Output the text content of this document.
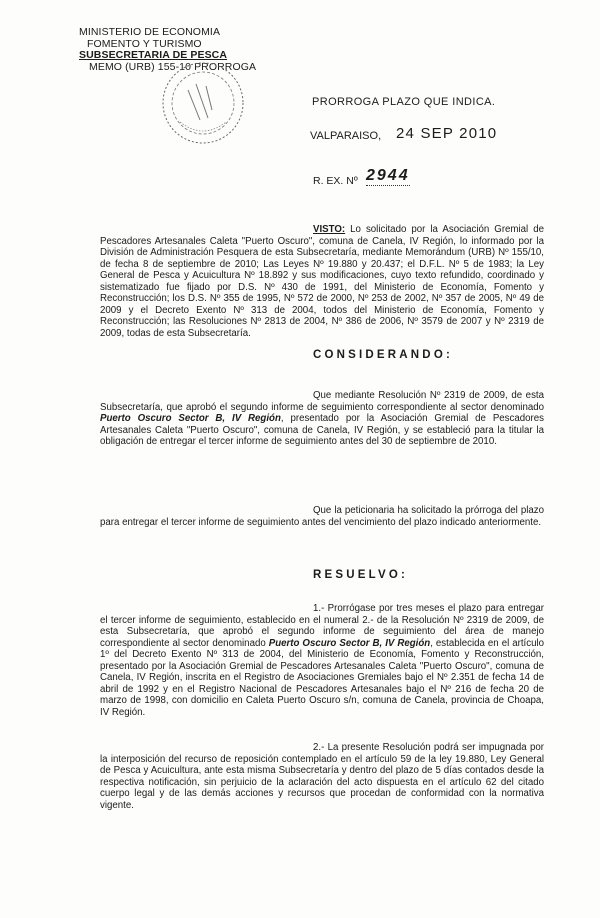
MINISTERIO DE ECONOMIA
FOMENTO Y TURISMO
SUBSECRETARIA DE PESCA
MEMO (URB) 155-10 PRORROGA
PRORROGA PLAZO QUE INDICA.
VALPARAISO, 24 SEP 2010
R. EX. Nº 2944

VISTO: Lo solicitado por la Asociación Gremial de Pescadores Artesanales Caleta "Puerto Oscuro", comuna de Canela, IV Región, lo informado por la División de Administración Pesquera de esta Subsecretaría, mediante Memorándum (URB) Nº 155/10, de fecha 8 de septiembre de 2010; Las Leyes Nº 19.880 y 20.437; el D.F.L. Nº 5 de 1983; la Ley General de Pesca y Acuicultura Nº 18.892 y sus modificaciones, cuyo texto refundido, coordinado y sistematizado fue fijado por D.S. Nº 430 de 1991, del Ministerio de Economía, Fomento y Reconstrucción; los D.S. Nº 355 de 1995, Nº 572 de 2000, Nº 253 de 2002, Nº 357 de 2005, Nº 49 de 2009 y el Decreto Exento Nº 313 de 2004, todos del Ministerio de Economía, Fomento y Reconstrucción; las Resoluciones Nº 2813 de 2004, Nº 386 de 2006, Nº 3579 de 2007 y Nº 2319 de 2009, todas de esta Subsecretaría.

CONSIDERANDO:

Que mediante Resolución Nº 2319 de 2009, de esta Subsecretaría, que aprobó el segundo informe de seguimiento correspondiente al sector denominado Puerto Oscuro Sector B, IV Región, presentado por la Asociación Gremial de Pescadores Artesanales Caleta "Puerto Oscuro", comuna de Canela, IV Región, y se estableció para la titular la obligación de entregar el tercer informe de seguimiento antes del 30 de septiembre de 2010.

Que la peticionaria ha solicitado la prórroga del plazo para entregar el tercer informe de seguimiento antes del vencimiento del plazo indicado anteriormente.

RESUELVO:

1.- Prorrógase por tres meses el plazo para entregar el tercer informe de seguimiento, establecido en el numeral 2.- de la Resolución Nº 2319 de 2009, de esta Subsecretaría, que aprobó el segundo informe de seguimiento del área de manejo correspondiente al sector denominado Puerto Oscuro Sector B, IV Región, establecida en el artículo 1º del Decreto Exento Nº 313 de 2004, del Ministerio de Economía, Fomento y Reconstrucción, presentado por la Asociación Gremial de Pescadores Artesanales Caleta "Puerto Oscuro", comuna de Canela, IV Región, inscrita en el Registro de Asociaciones Gremiales bajo el Nº 2.351 de fecha 14 de abril de 1992 y en el Registro Nacional de Pescadores Artesanales bajo el Nº 216 de fecha 20 de marzo de 1998, con domicilio en Caleta Puerto Oscuro s/n, comuna de Canela, provincia de Choapa, IV Región.

2.- La presente Resolución podrá ser impugnada por la interposición del recurso de reposición contemplado en el artículo 59 de la ley 19.880, Ley General de Pesca y Acuicultura, ante esta misma Subsecretaría y dentro del plazo de 5 días contados desde la respectiva notificación, sin perjuicio de la aclaración del acto dispuesta en el artículo 62 del citado cuerpo legal y de las demás acciones y recursos que procedan de conformidad con la normativa vigente.
